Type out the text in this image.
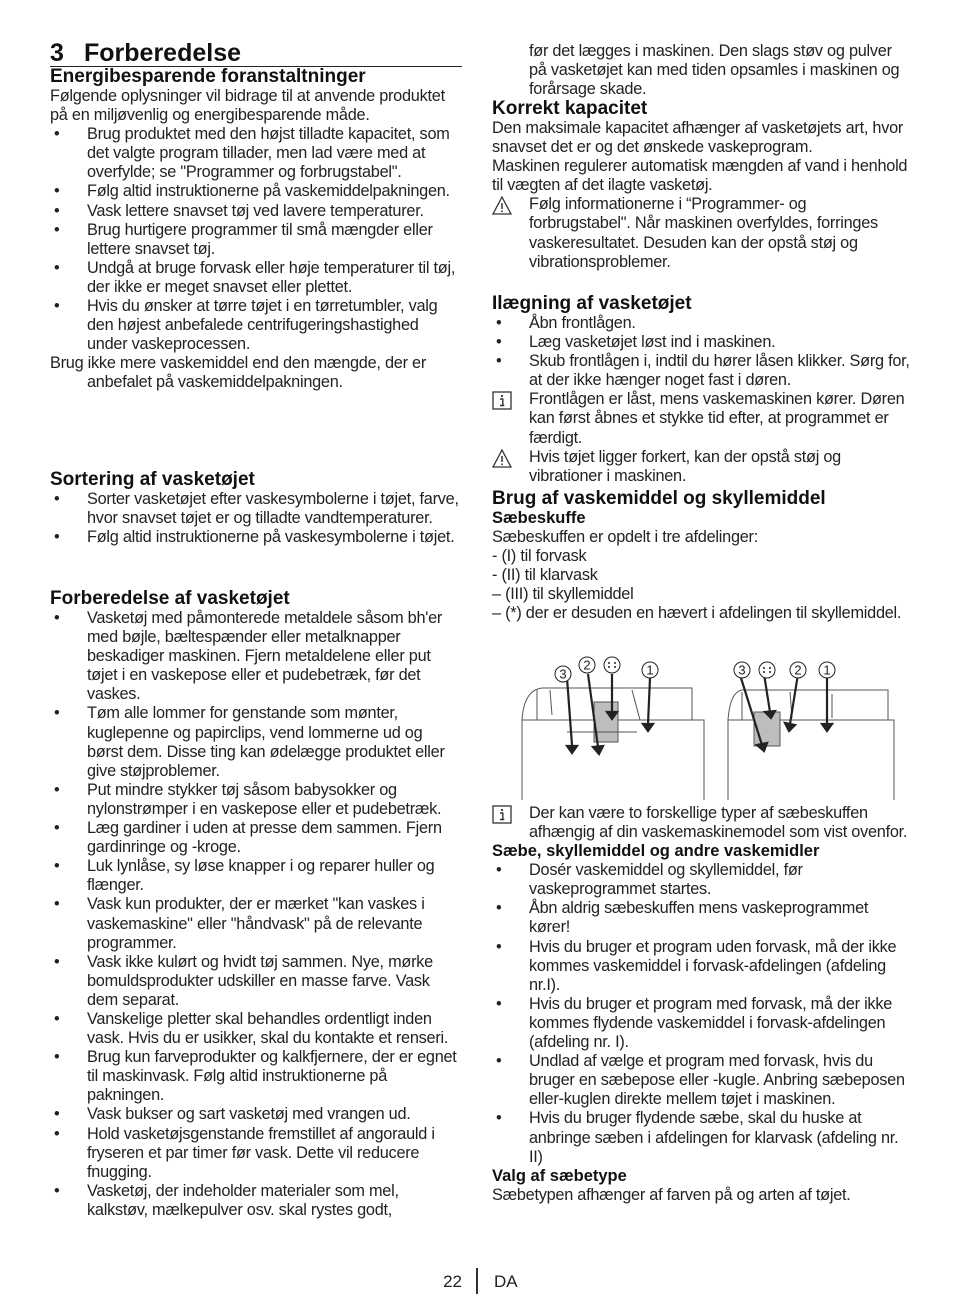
3 Forberedelse
Energibesparende foranstaltninger

Følgende oplysninger vil bidrage til at anvende produktet på en miljøvenlig og energibesparende måde.

• Brug produktet med den højst tilladte kapacitet, som det valgte program tillader, men lad være med at overfylde; se "Programmer og forbrugstabel".
• Følg altid instruktionerne på vaskemiddelpakningen.
• Vask lettere snavset tøj ved lavere temperaturer.
• Brug hurtigere programmer til små mængder eller lettere snavset tøj.
• Undgå at bruge forvask eller høje temperaturer til tøj, der ikke er meget snavset eller plettet.
• Hvis du ønsker at tørre tøjet i en tørretumbler, valg den højest anbefalede centrifugeringshastighed under vaskeprocessen.

Brug ikke mere vaskemiddel end den mængde, der er anbefalet på vaskemiddelpakningen.

Sortering af vasketøjet
• Sorter vasketøjet efter vaskesymbolerne i tøjet, farve, hvor snavset tøjet er og tilladte vandtemperaturer.
• Følg altid instruktionerne på vaskesymbolerne i tøjet.
Forberedelse af vasketøjet
• Vasketøj med påmonterede metaldele såsom bh'er med bøjle, bæltespænder eller metalknapper beskadiger maskinen. Fjern metaldelene eller put tøjet i en vaskepose eller et pudebetræk, før det vaskes.
• Tøm alle lommer for genstande som mønter, kuglepenne og papirclips, vend lommerne ud og børst dem. Disse ting kan ødelægge produktet eller give støjproblemer.
• Put mindre stykker tøj såsom babysokker og nylonstrømper i en vaskepose eller et pudebetræk.
• Læg gardiner i uden at presse dem sammen. Fjern gardinringe og -kroge.
• Luk lynlåse, sy løse knapper i og reparer huller og flænger.
• Vask kun produkter, der er mærket "kan vaskes i vaskemaskine" eller "håndvask" på de relevante programmer.
• Vask ikke kulørt og hvidt tøj sammen. Nye, mørke bomuldsprodukter udskiller en masse farve. Vask dem separat.
• Vanskelige pletter skal behandles ordentligt inden vask. Hvis du er usikker, skal du kontakte et renseri.
• Brug kun farveprodukter og kalkfjernere, der er egnet til maskinvask. Følg altid instruktionerne på pakningen.
• Vask bukser og sart vasketøj med vrangen ud.
• Hold vasketøjsgenstande fremstillet af angorauld i fryseren et par timer før vask. Dette vil reducere fnugging.
• Vasketøj, der indeholder materialer som mel, kalkstøv, mælkepulver osv. skal rystes godt,

før det lægges i maskinen. Den slags støv og pulver på vasketøjet kan med tiden opsamles i maskinen og forårsage skade.

Korrekt kapacitet

Den maksimale kapacitet afhænger af vasketøjets art, hvor snavset det er og det ønskede vaskeprogram.

Maskinen regulerer automatisk mængden af vand i henhold til vægten af det ilagte vasketøj.

Følg informationerne i “Programmer- og forbrugstabel". Når maskinen overfyldes, forringes vaskeresultatet. Desuden kan der opstå støj og vibrationsproblemer.
Ilægning af vasketøjet
• Åbn frontlågen.
• Læg vasketøjet løst ind i maskinen.
• Skub frontlågen i, indtil du hører låsen klikker. Sørg for, at der ikke hænger noget fast i døren.
Frontlågen er låst, mens vaskemaskinen kører. Døren kan først åbnes et stykke tid efter, at programmet er færdigt.
Hvis tøjet ligger forkert, kan der opstå støj og vibrationer i maskinen.
Brug af vaskemiddel og skyllemiddel
Sæbeskuffe

Sæbeskuffen er opdelt i tre afdelinger:

- (I) til forvask

- (II) til klarvask

– (III) til skyllemiddel

– (*) der er desuden en hævert i afdelingen til skyllemiddel.

3
2	1	3	2 1
Der kan være to forskellige typer af sæbeskuffen afhængig af din vaskemaskinemodel som vist ovenfor.
Sæbe, skyllemiddel og andre vaskemidler
• Dosér vaskemiddel og skyllemiddel, før vaskeprogrammet startes.
• Åbn aldrig sæbeskuffen mens vaskeprogrammet kører!
• Hvis du bruger et program uden forvask, må der ikke kommes vaskemiddel i forvask-afdelingen (afdeling nr.I).
• Hvis du bruger et program med forvask, må der ikke kommes flydende vaskemiddel i forvask-afdelingen (afdeling nr. I).
• Undlad af vælge et program med forvask, hvis du bruger en sæbepose eller -kugle. Anbring sæbeposen eller-kuglen direkte mellem tøjet i maskinen.
• Hvis du bruger flydende sæbe, skal du huske at anbringe sæben i afdelingen for klarvask (afdeling nr. II)
Valg af sæbetype

Sæbetypen afhænger af farven på og arten af tøjet.

22 DA
